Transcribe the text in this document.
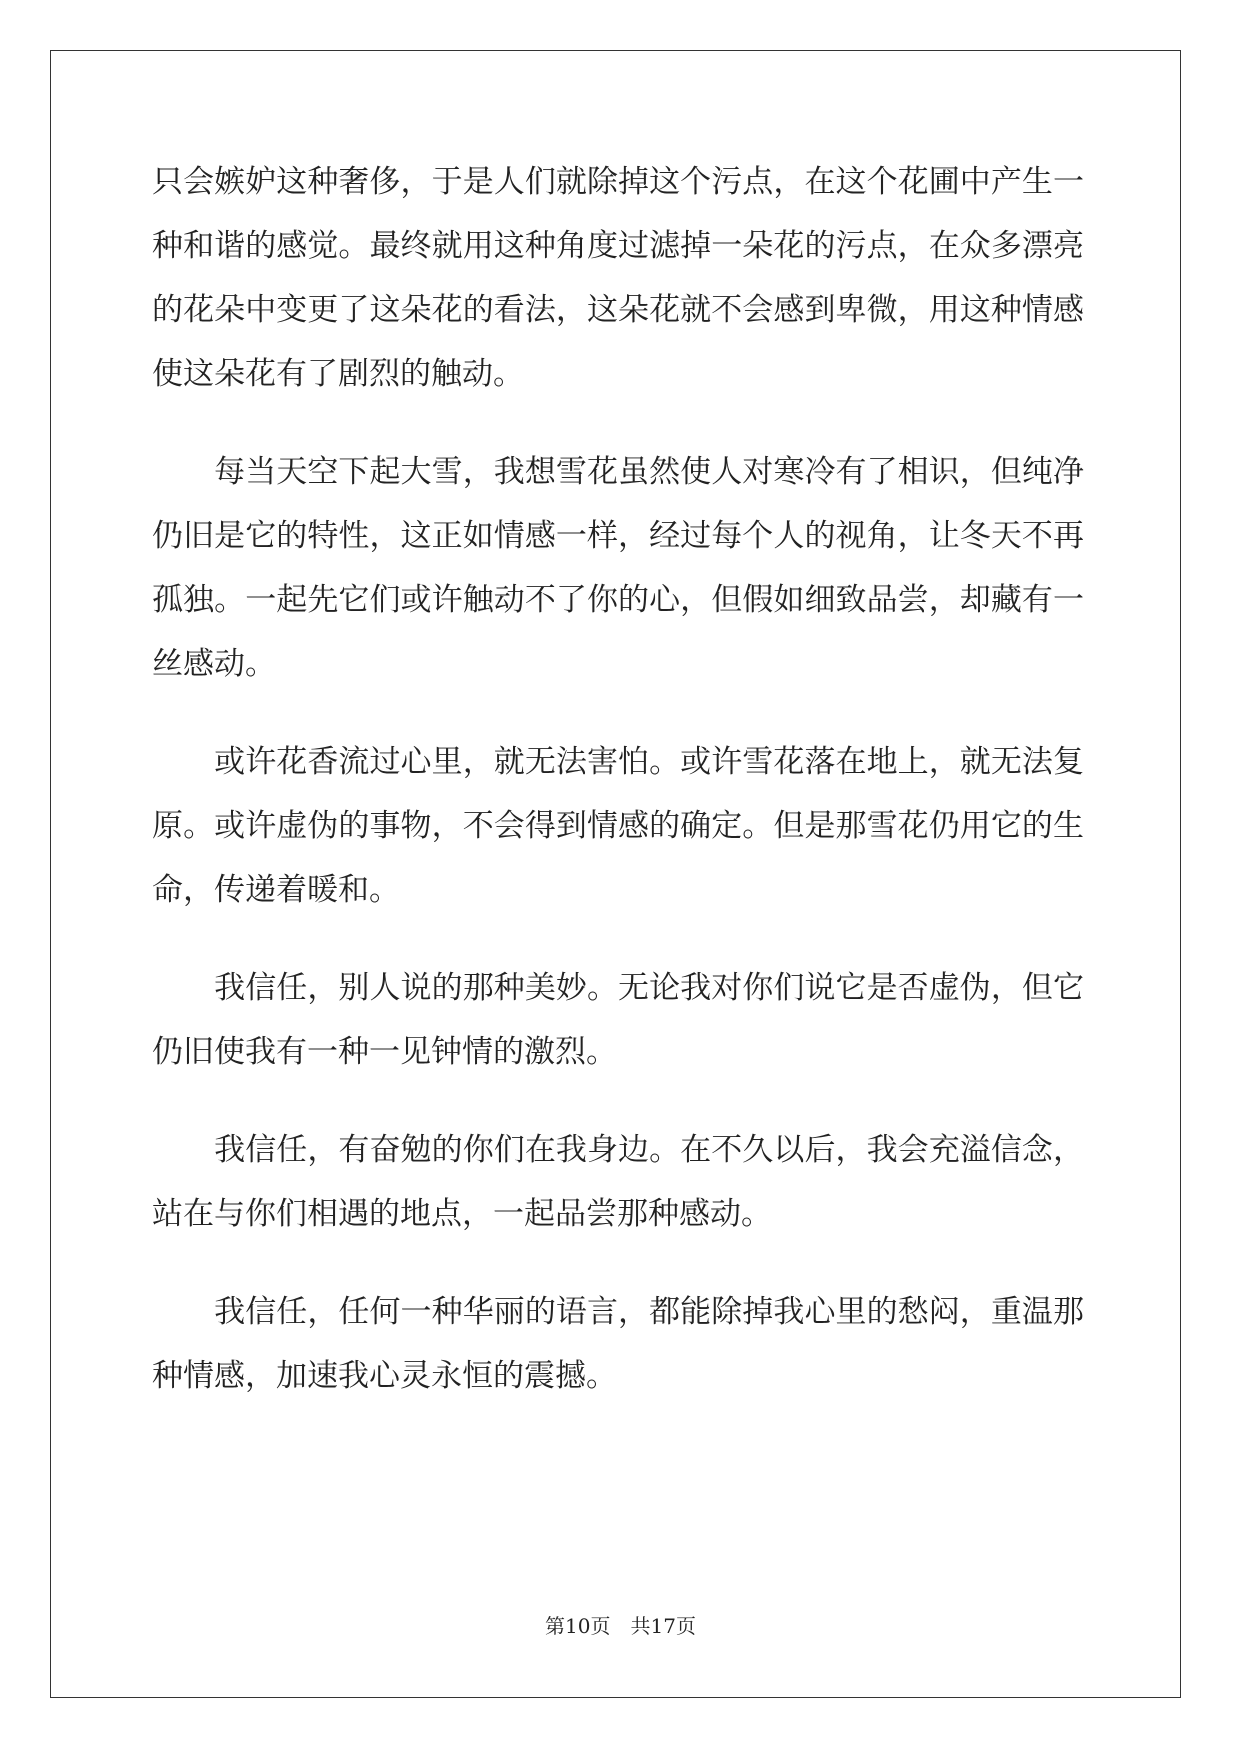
只会嫉妒这种奢侈，于是人们就除掉这个污点，在这个花圃中产生一
种和谐的感觉。最终就用这种角度过滤掉一朵花的污点，在众多漂亮
的花朵中变更了这朵花的看法，这朵花就不会感到卑微，用这种情感
使这朵花有了剧烈的触动。

　　每当天空下起大雪，我想雪花虽然使人对寒冷有了相识，但纯净
仍旧是它的特性，这正如情感一样，经过每个人的视角，让冬天不再
孤独。一起先它们或许触动不了你的心，但假如细致品尝，却藏有一
丝感动。

　　或许花香流过心里，就无法害怕。或许雪花落在地上，就无法复
原。或许虚伪的事物，不会得到情感的确定。但是那雪花仍用它的生
命，传递着暖和。

　　我信任，别人说的那种美妙。无论我对你们说它是否虚伪，但它
仍旧使我有一种一见钟情的激烈。

　　我信任，有奋勉的你们在我身边。在不久以后，我会充溢信念，
站在与你们相遇的地点，一起品尝那种感动。

　　我信任，任何一种华丽的语言，都能除掉我心里的愁闷，重温那
种情感，加速我心灵永恒的震撼。

第10页 共17页
